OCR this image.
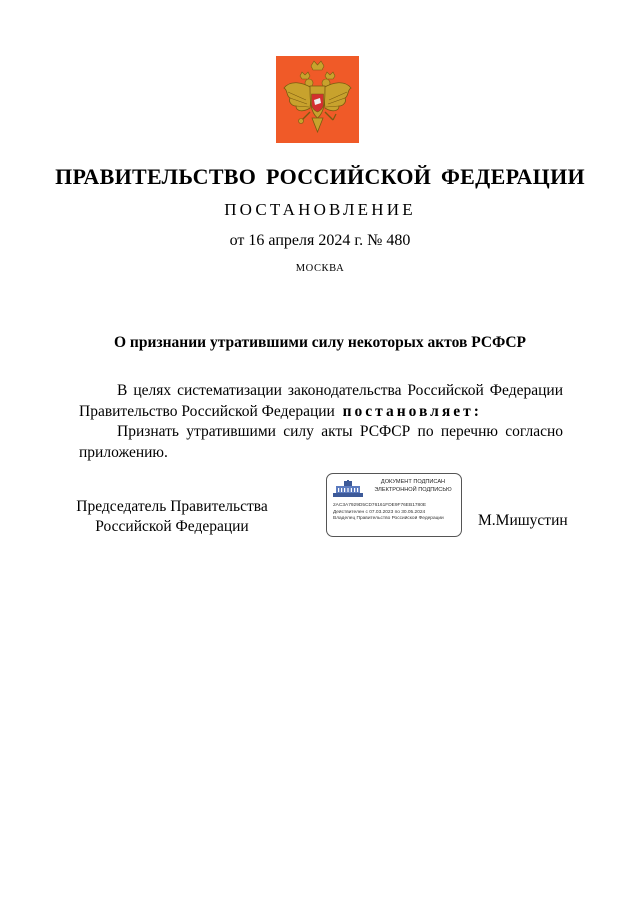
ПРАВИТЕЛЬСТВО РОССИЙСКОЙ ФЕДЕРАЦИИ
ПОСТАНОВЛЕНИЕ
от 16 апреля 2024 г. № 480
МОСКВА
О признании утратившими силу некоторых актов РСФСР
В целях систематизации законодательства Российской Федерации
Правительство Российской Федерации постановляет:
Признать утратившими силу акты РСФСР по перечню согласно
приложению.
Председатель Правительства
Российской Федерации
ДОКУМЕНТ ПОДПИСАН
ЭЛЕКТРОННОЙ ПОДПИСЬЮ
2AC3A7929D5CD76161FDE9F76EB1780E
Действителен с 07.03.2023 по 30.05.2024
Владелец Правительство Российской Федерации	М.Мишустин
